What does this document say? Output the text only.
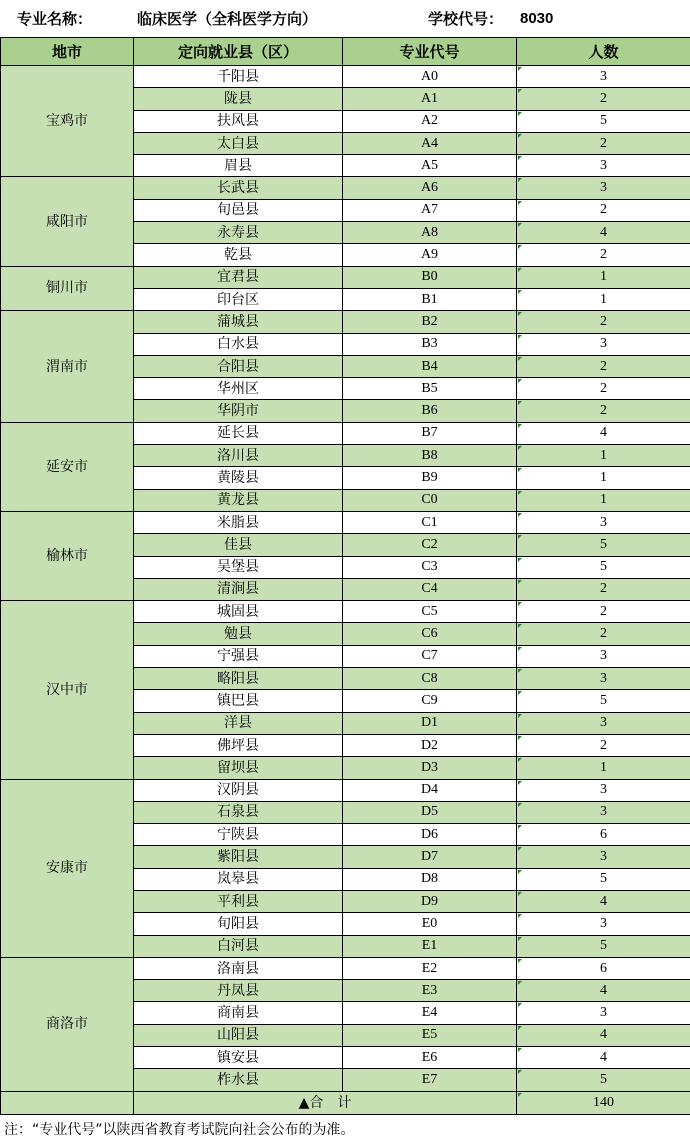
专业名称：	临床医学（全科医学方向）	学校代号： 8030
地市	定向就业县（区）	专业代号	人数
宝鸡市	千阳县	A0	3
	陇县	A1	2
	扶风县	A2	5
	太白县	A4	2
	眉县	A5	3
咸阳市	长武县	A6	3
	旬邑县	A7	2
	永寿县	A8	4
	乾县	A9	2
铜川市	宜君县	B0	1
	印台区	B1	1
渭南市	蒲城县	B2	2
	白水县	B3	3
	合阳县	B4	2
	华州区	B5	2
	华阴市	B6	2
延安市	延长县	B7	4
	洛川县	B8	1
	黄陵县	B9	1
	黄龙县	C0	1
榆林市	米脂县	C1	3
	佳县	C2	5
	吴堡县	C3	5
	清涧县	C4	2
汉中市	城固县	C5	2
	勉县	C6	2
	宁强县	C7	3
	略阳县	C8	3
	镇巴县	C9	5
	洋县	D1	3
	佛坪县	D2	2
	留坝县	D3	1
安康市	汉阴县	D4	3
	石泉县	D5	3
	宁陕县	D6	6
	紫阳县	D7	3
	岚皋县	D8	5
	平利县	D9	4
	旬阳县	E0	3
	白河县	E1	5
商洛市	洛南县	E2	6
	丹凤县	E3	4
	商南县	E4	3
	山阳县	E5	4
	镇安县	E6	4
	柞水县	E7	5
	▲合　计		140
注：“专业代号”以陕西省教育考试院向社会公布的为准。
